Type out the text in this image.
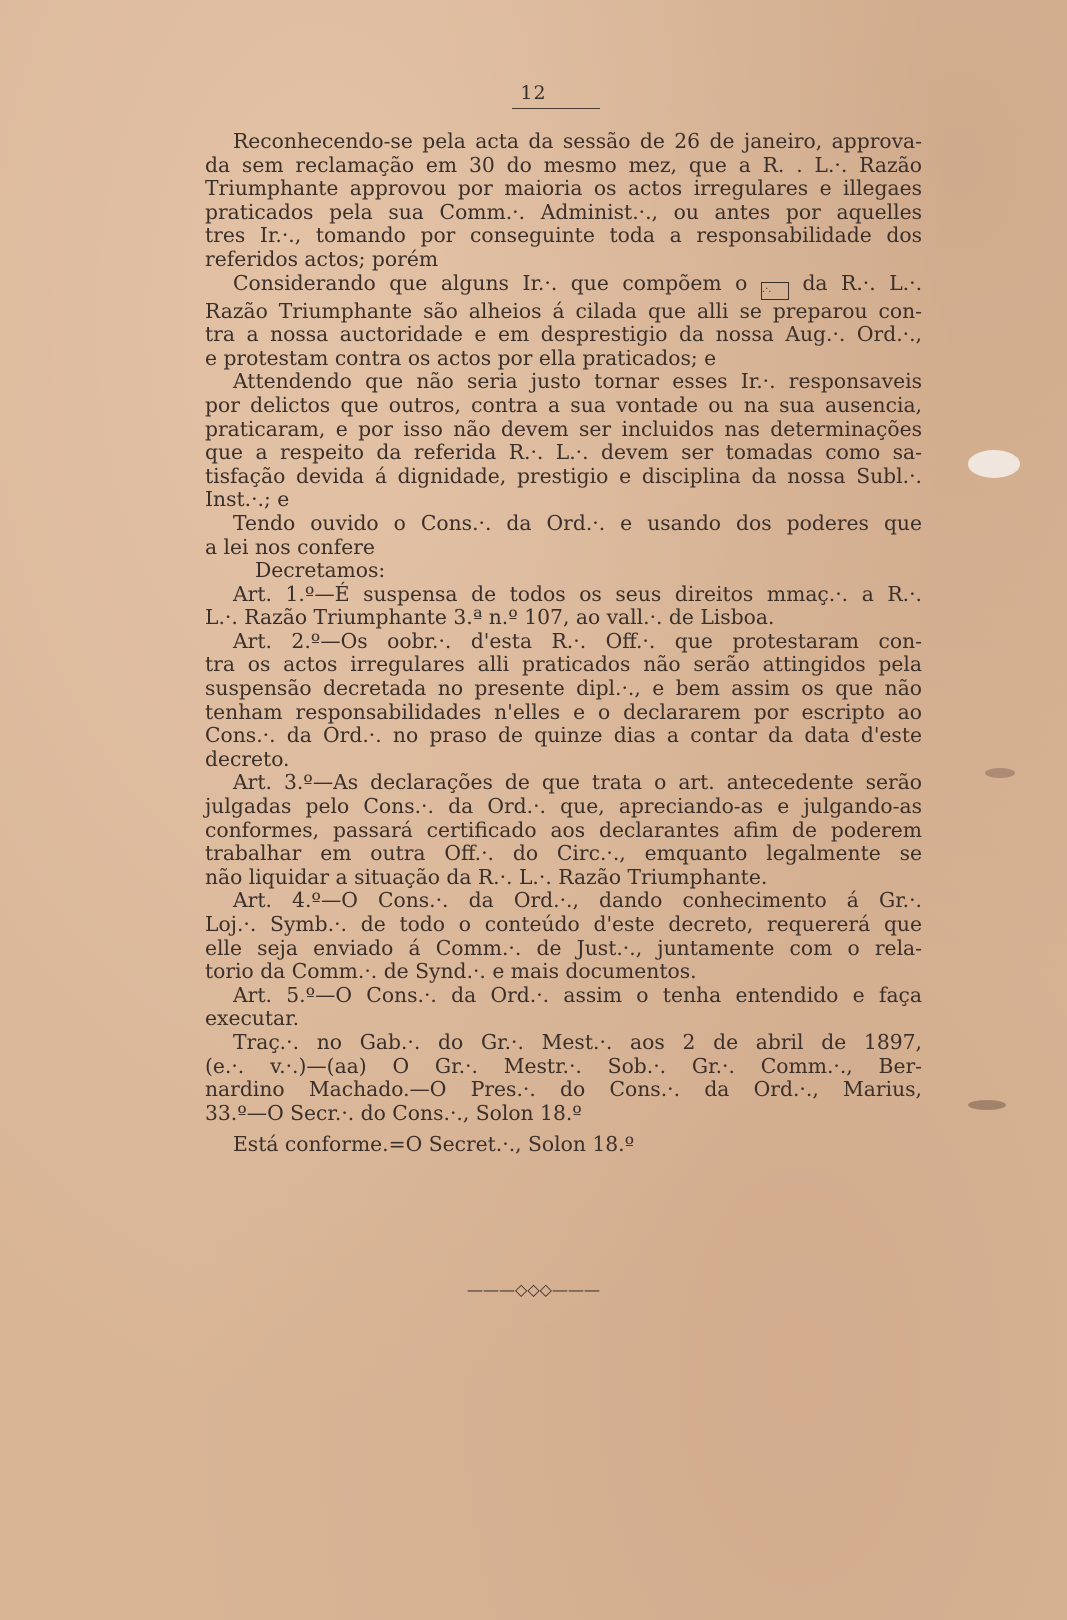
12
Reconhecendo-se pela acta da sessão de 26 de janeiro, approva-
da sem reclamação em 30 do mesmo mez, que a R. . L.·. Razão
Triumphante approvou por maioria os actos irregulares e illegaes
praticados pela sua Comm.·. Administ.·., ou antes por aquelles
tres Ir.·., tomando por conseguinte toda a responsabilidade dos
referidos actos; porém
Considerando que alguns Ir.·. que compõem o .·. da R.·. L.·.
Razão Triumphante são alheios á cilada que alli se preparou con-
tra a nossa auctoridade e em desprestigio da nossa Aug.·. Ord.·.,
e protestam contra os actos por ella praticados; e
Attendendo que não seria justo tornar esses Ir.·. responsaveis
por delictos que outros, contra a sua vontade ou na sua ausencia,
praticaram, e por isso não devem ser incluidos nas determinações
que a respeito da referida R.·. L.·. devem ser tomadas como sa-
tisfação devida á dignidade, prestigio e disciplina da nossa Subl.·.
Inst.·.; e
Tendo ouvido o Cons.·. da Ord.·. e usando dos poderes que
a lei nos confere
Decretamos:
Art. 1.º—É suspensa de todos os seus direitos mmaç.·. a R.·.
L.·. Razão Triumphante 3.ª n.º 107, ao vall.·. de Lisboa.
Art. 2.º—Os oobr.·. d'esta R.·. Off.·. que protestaram con-
tra os actos irregulares alli praticados não serão attingidos pela
suspensão decretada no presente dipl.·., e bem assim os que não
tenham responsabilidades n'elles e o declararem por escripto ao
Cons.·. da Ord.·. no praso de quinze dias a contar da data d'este
decreto.
Art. 3.º—As declarações de que trata o art. antecedente serão
julgadas pelo Cons.·. da Ord.·. que, apreciando-as e julgando-as
conformes, passará certificado aos declarantes afim de poderem
trabalhar em outra Off.·. do Circ.·., emquanto legalmente se
não liquidar a situação da R.·. L.·. Razão Triumphante.
Art. 4.º—O Cons.·. da Ord.·., dando conhecimento á Gr.·.
Loj.·. Symb.·. de todo o conteúdo d'este decreto, requererá que
elle seja enviado á Comm.·. de Just.·., juntamente com o rela-
torio da Comm.·. de Synd.·. e mais documentos.
Art. 5.º—O Cons.·. da Ord.·. assim o tenha entendido e faça
executar.
Traç.·. no Gab.·. do Gr.·. Mest.·. aos 2 de abril de 1897,
(e.·. v.·.)—(aa) O Gr.·. Mestr.·. Sob.·. Gr.·. Comm.·., Ber-
nardino Machado.—O Pres.·. do Cons.·. da Ord.·., Marius,
33.º—O Secr.·. do Cons.·., Solon 18.º
Está conforme.=O Secret.·., Solon 18.º
———◇◇◇———
